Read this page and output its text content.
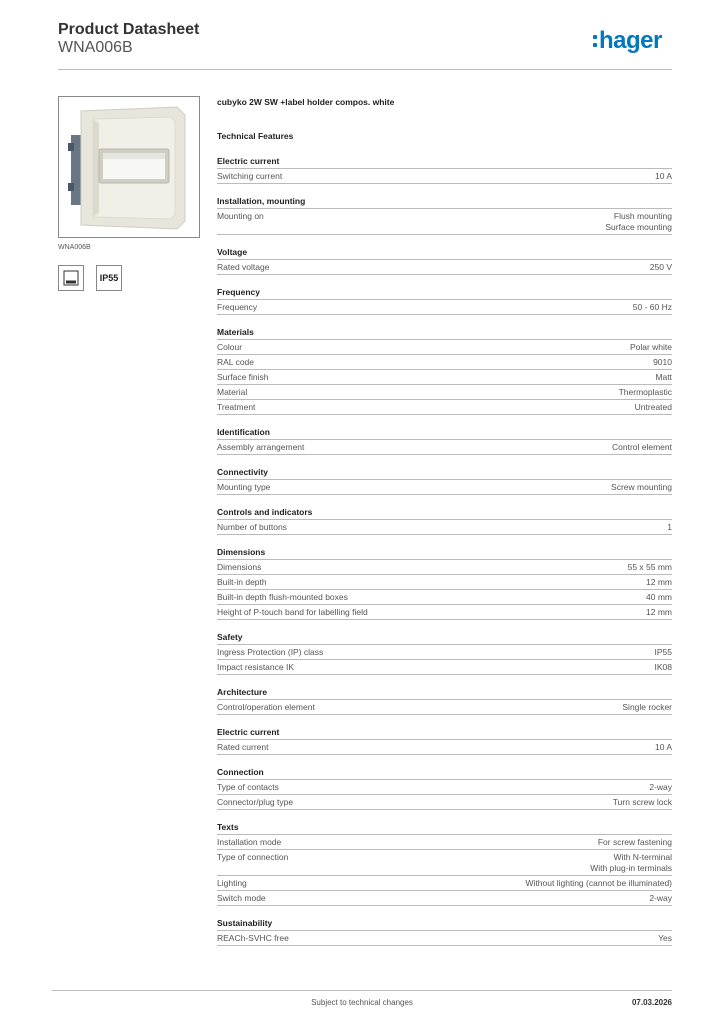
Product Datasheet
WNA006B	hager
WNA006B
IP55
cubyko 2W SW +label holder compos. white
Technical Features
Electric current
Switching current	10 A
Installation, mounting
Mounting on	Flush mounting
Surface mounting
Voltage
Rated voltage	250 V
Frequency
Frequency	50 - 60 Hz
Materials
Colour	Polar white
RAL code	9010
Surface finish	Matt
Material	Thermoplastic
Treatment	Untreated
Identification
Assembly arrangement	Control element
Connectivity
Mounting type	Screw mounting
Controls and indicators
Number of buttons	1
Dimensions
Dimensions	55 x 55 mm
Built-in depth	12 mm
Built-in depth flush-mounted boxes	40 mm
Height of P-touch band for labelling field	12 mm
Safety
Ingress Protection (IP) class	IP55
Impact resistance IK	IK08
Architecture
Control/operation element	Single rocker
Electric current
Rated current	10 A
Connection
Type of contacts	2-way
Connector/plug type	Turn screw lock
Texts
Installation mode	For screw fastening
Type of connection	With N-terminal
With plug-in terminals
Lighting	Without lighting (cannot be illuminated)
Switch mode	2-way
Sustainability
REACh-SVHC free	Yes
Subject to technical changes	07.03.2026
